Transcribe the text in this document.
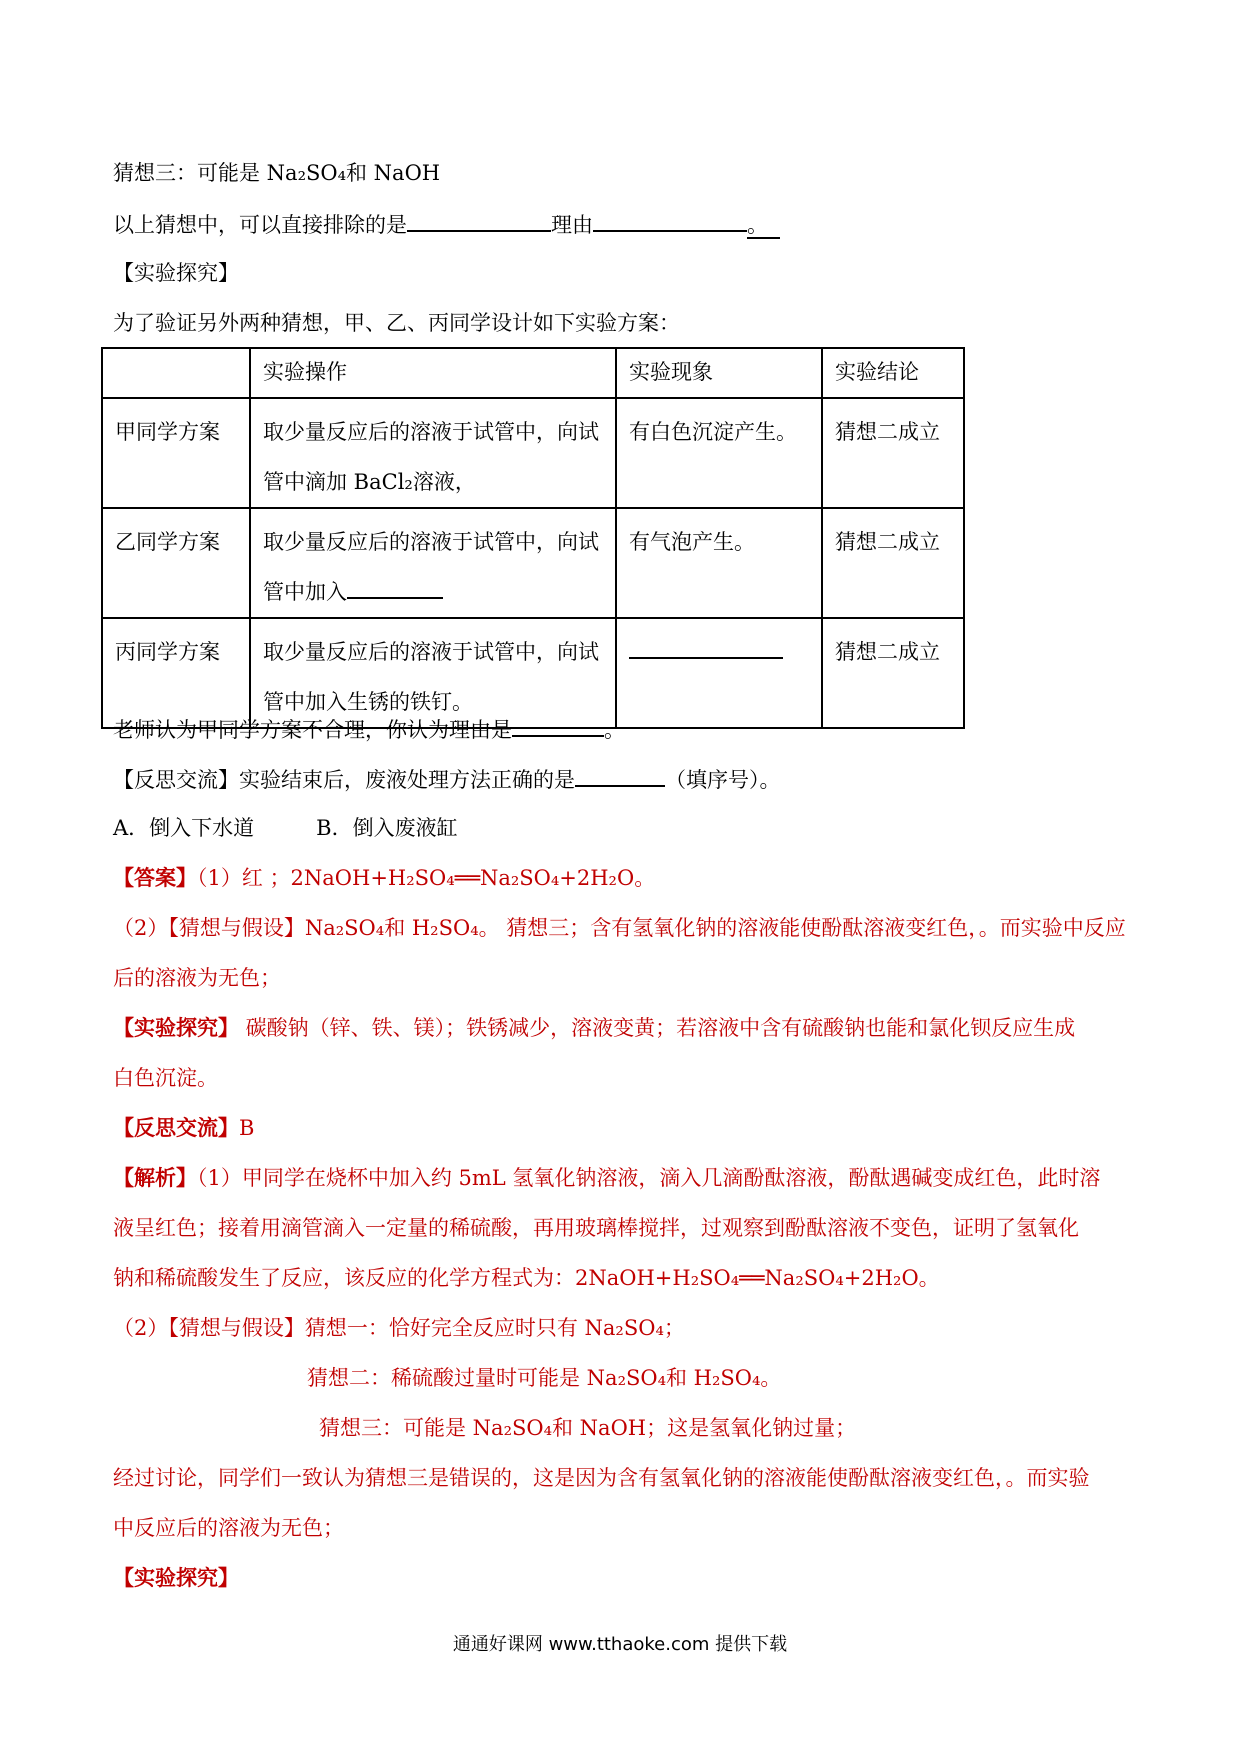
猜想三：可能是 Na₂SO₄和 NaOH
以上猜想中，可以直接排除的是	理由	。
【实验探究】
为了验证另外两种猜想，甲、乙、丙同学设计如下实验方案：
	实验操作	实验现象	实验结论
甲同学方案	取少量反应后的溶液于试管中，向试
管中滴加 BaCl₂溶液，	有白色沉淀产生。	猜想二成立
乙同学方案	取少量反应后的溶液于试管中，向试
管中加入	有气泡产生。	猜想二成立
丙同学方案	取少量反应后的溶液于试管中，向试
管中加入生锈的铁钉。		猜想二成立
老师认为甲同学方案不合理，你认为理由是	。
【反思交流】实验结束后，废液处理方法正确的是	（填序号）。
A．倒入下水道	B．倒入废液缸
【答案】（1）红 ；2NaOH+H₂SO₄══Na₂SO₄+2H₂O。
（2）【猜想与假设】Na₂SO₄和 H₂SO₄。 猜想三；含有氢氧化钠的溶液能使酚酞溶液变红色，。而实验中反应
后的溶液为无色；
【实验探究】 碳酸钠（锌、铁、镁）；铁锈减少，溶液变黄；若溶液中含有硫酸钠也能和氯化钡反应生成
白色沉淀。
【反思交流】B
【解析】（1）甲同学在烧杯中加入约 5mL 氢氧化钠溶液，滴入几滴酚酞溶液，酚酞遇碱变成红色，此时溶
液呈红色；接着用滴管滴入一定量的稀硫酸，再用玻璃棒搅拌，过观察到酚酞溶液不变色，证明了氢氧化
钠和稀硫酸发生了反应，该反应的化学方程式为：2NaOH+H₂SO₄══Na₂SO₄+2H₂O。
（2）【猜想与假设】猜想一：恰好完全反应时只有 Na₂SO₄；
猜想二：稀硫酸过量时可能是 Na₂SO₄和 H₂SO₄。
猜想三：可能是 Na₂SO₄和 NaOH；这是氢氧化钠过量；
经过讨论，同学们一致认为猜想三是错误的，这是因为含有氢氧化钠的溶液能使酚酞溶液变红色，。而实验
中反应后的溶液为无色；
【实验探究】
通通好课网 www.tthaoke.com 提供下载
